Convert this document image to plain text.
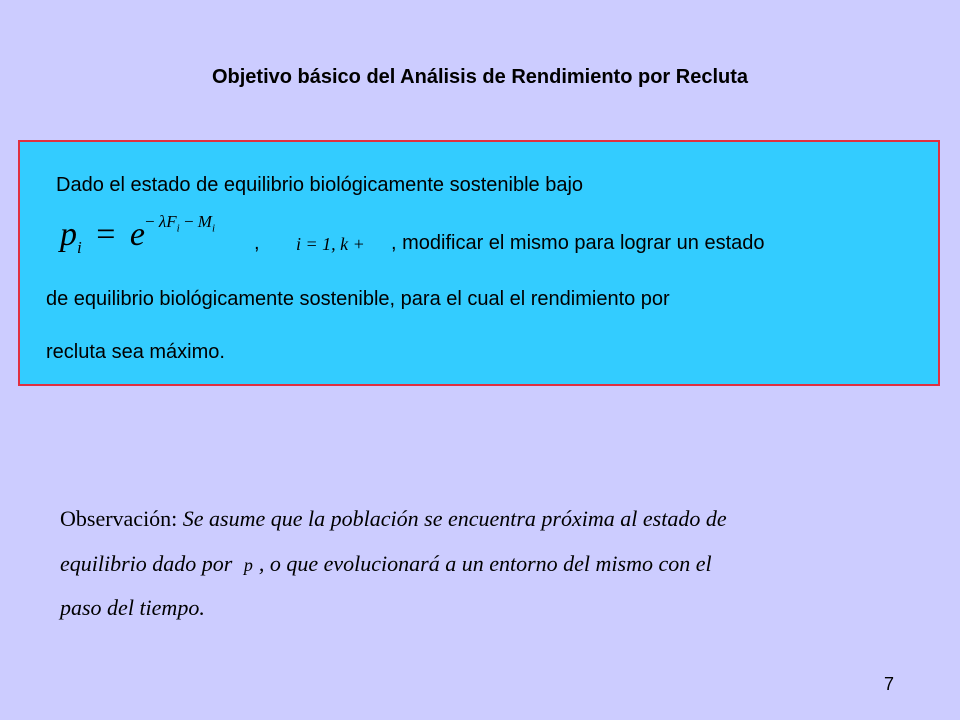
Objetivo básico del Análisis de Rendimiento por Recluta
Dado el estado de equilibrio biológicamente sostenible bajo
$p_i = e^{- \lambda F_i - M_i}$
, i = 1, k + , modificar el mismo para lograr un estado
de equilibrio biológicamente sostenible, para el cual el rendimiento por
recluta sea máximo.
Observación: Se asume que la población se encuentra próxima al estado de
equilibrio dado por p , o que evolucionará a un entorno del mismo con el
paso del tiempo.
7
